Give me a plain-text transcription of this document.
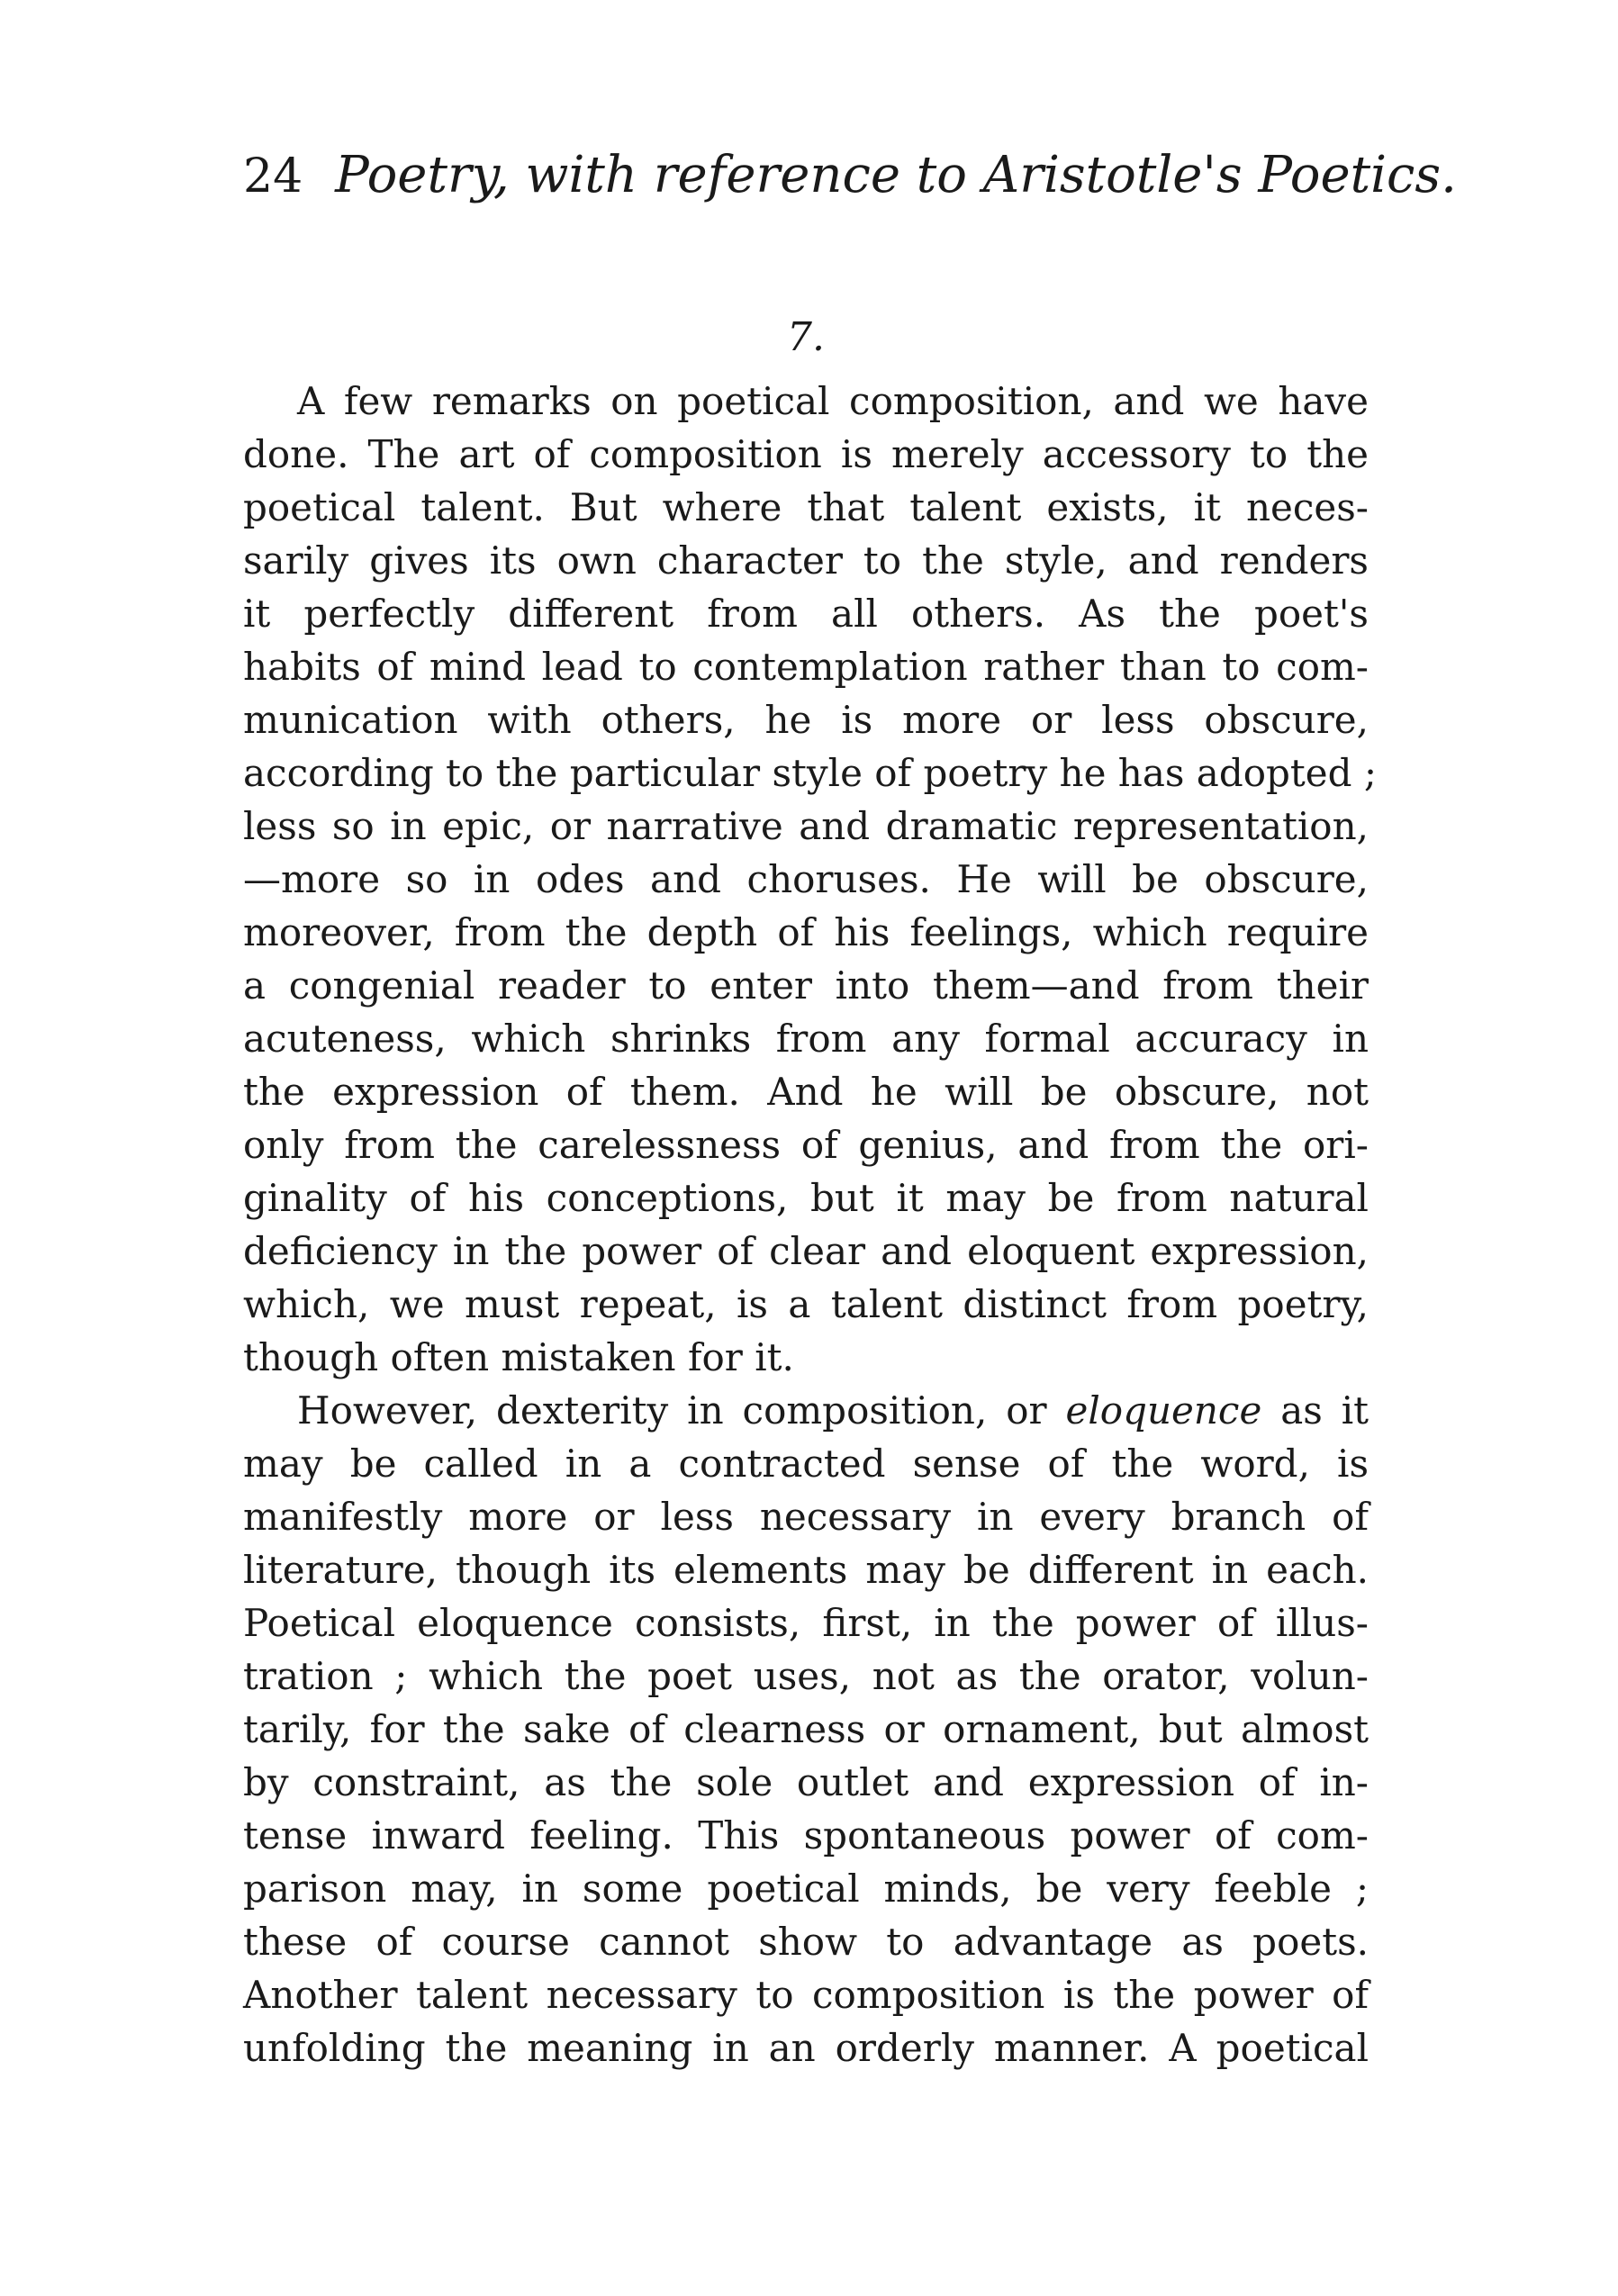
24 Poetry, with reference to Aristotle's Poetics.
7.

A few remarks on poetical composition, and we have
done. The art of composition is merely accessory to the
poetical talent. But where that talent exists, it neces-
sarily gives its own character to the style, and renders
it perfectly different from all others. As the poet's
habits of mind lead to contemplation rather than to com-
munication with others, he is more or less obscure,
according to the particular style of poetry he has adopted ;
less so in epic, or narrative and dramatic representation,
—more so in odes and choruses. He will be obscure,
moreover, from the depth of his feelings, which require
a congenial reader to enter into them—and from their
acuteness, which shrinks from any formal accuracy in
the expression of them. And he will be obscure, not
only from the carelessness of genius, and from the ori-
ginality of his conceptions, but it may be from natural
deficiency in the power of clear and eloquent expression,
which, we must repeat, is a talent distinct from poetry,
though often mistaken for it.

However, dexterity in composition, or eloquence as it
may be called in a contracted sense of the word, is
manifestly more or less necessary in every branch of
literature, though its elements may be different in each.
Poetical eloquence consists, first, in the power of illus-
tration ; which the poet uses, not as the orator, volun-
tarily, for the sake of clearness or ornament, but almost
by constraint, as the sole outlet and expression of in-
tense inward feeling. This spontaneous power of com-
parison may, in some poetical minds, be very feeble ;
these of course cannot show to advantage as poets.
Another talent necessary to composition is the power of
unfolding the meaning in an orderly manner. A poetical
